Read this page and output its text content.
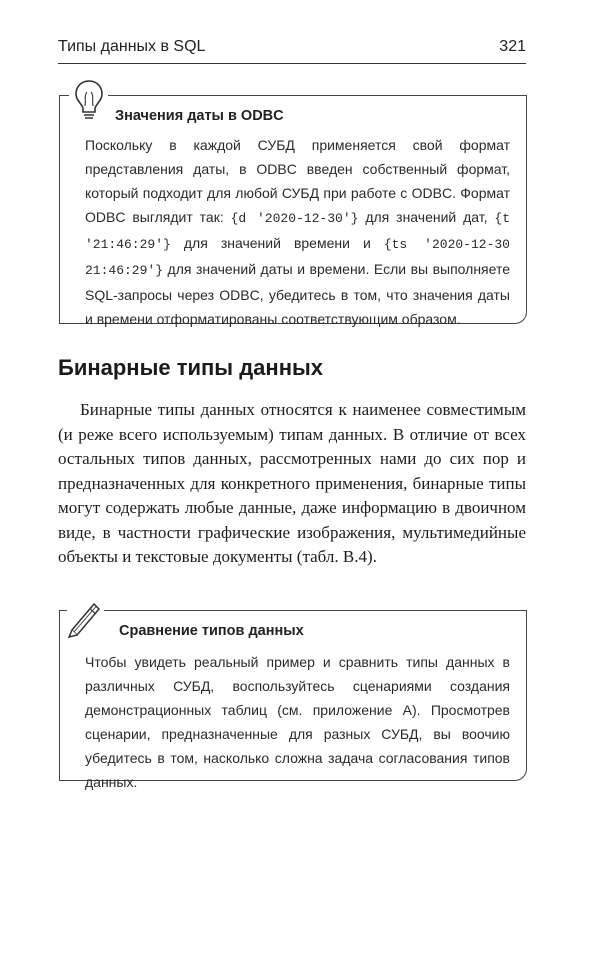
Типы данных в SQL	321
Значения даты в ODBC

Поскольку в каждой СУБД применяется свой формат представления даты, в ODBC введен собственный формат, который подходит для любой СУБД при работе с ODBC. Формат ODBC выглядит так: {d '2020-12-30'} для значений дат, {t '21:46:29'} для значений времени и {ts '2020-12-30 21:46:29'} для значений даты и времени. Если вы выполняете SQL-запросы через ODBC, убедитесь в том, что значения даты и времени отформатированы соответствующим образом.

Бинарные типы данных

Бинарные типы данных относятся к наименее совместимым (и реже всего используемым) типам данных. В отличие от всех остальных типов данных, рассмотренных нами до сих пор и предназначенных для конкретного применения, бинарные типы могут содержать любые данные, даже информацию в двоичном виде, в частности графические изображения, мультимедийные объекты и текстовые документы (табл. В.4).

Сравнение типов данных

Чтобы увидеть реальный пример и сравнить типы данных в различных СУБД, воспользуйтесь сценариями создания демонстрационных таблиц (см. приложение А). Просмотрев сценарии, предназначенные для разных СУБД, вы воочию убедитесь в том, насколько сложна задача согласования типов данных.
